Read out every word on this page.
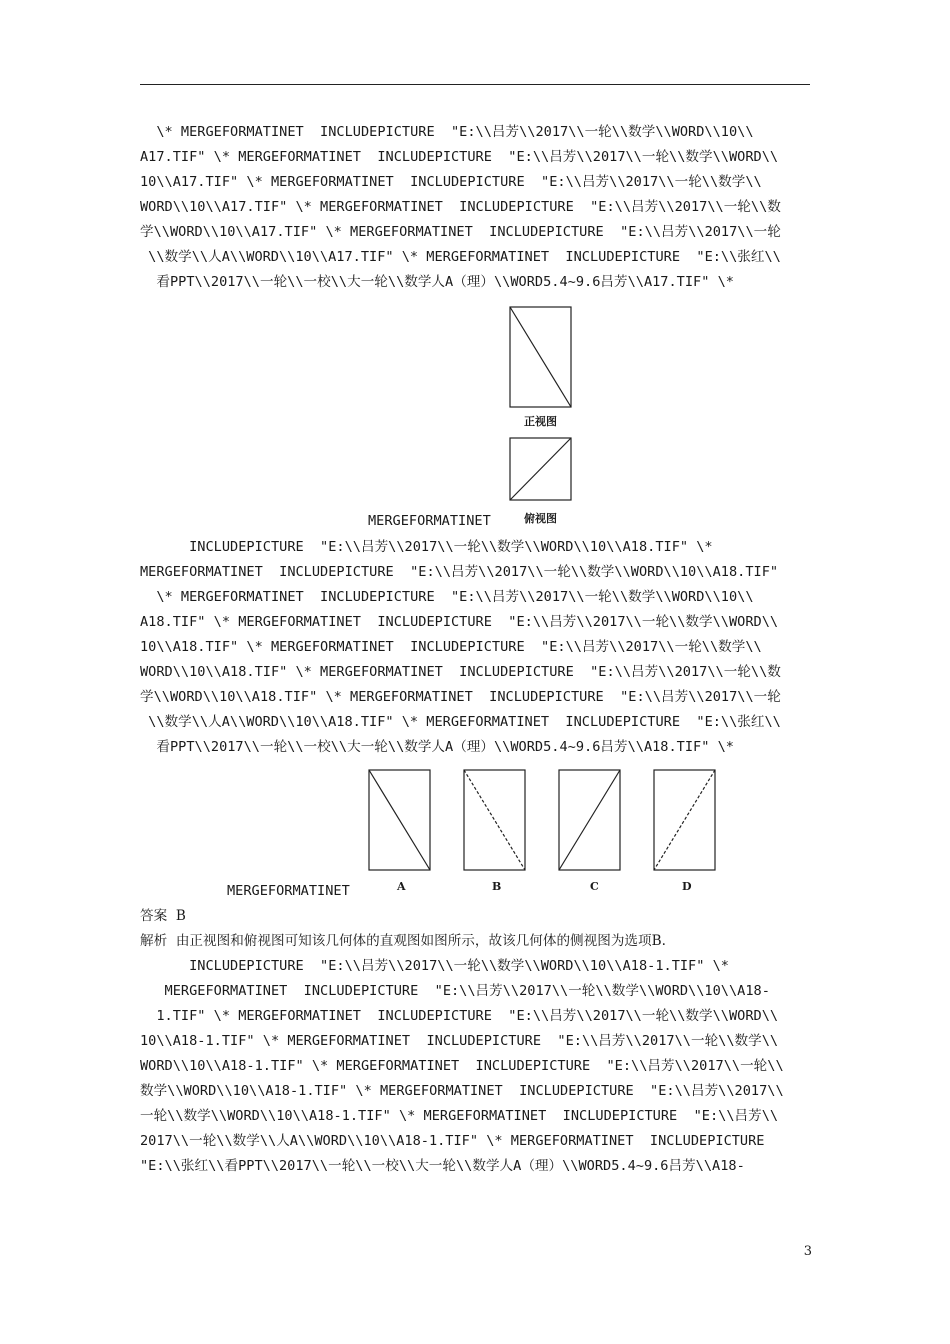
\* MERGEFORMATINET  INCLUDEPICTURE  "E:\\吕芳\\2017\\一轮\\数学\\WORD\\10\\
A17.TIF" \* MERGEFORMATINET  INCLUDEPICTURE  "E:\\吕芳\\2017\\一轮\\数学\\WORD\\
10\\A17.TIF" \* MERGEFORMATINET  INCLUDEPICTURE  "E:\\吕芳\\2017\\一轮\\数学\\
WORD\\10\\A17.TIF" \* MERGEFORMATINET  INCLUDEPICTURE  "E:\\吕芳\\2017\\一轮\\数
学\\WORD\\10\\A17.TIF" \* MERGEFORMATINET  INCLUDEPICTURE  "E:\\吕芳\\2017\\一轮
\\数学\\人A\\WORD\\10\\A17.TIF" \* MERGEFORMATINET  INCLUDEPICTURE  "E:\\张红\\
看PPT\\2017\\一轮\\一校\\大一轮\\数学人A（理）\\WORD5.4~9.6吕芳\\A17.TIF" \*
正视图
俯视图
MERGEFORMATINET
INCLUDEPICTURE  "E:\\吕芳\\2017\\一轮\\数学\\WORD\\10\\A18.TIF" \*
MERGEFORMATINET  INCLUDEPICTURE  "E:\\吕芳\\2017\\一轮\\数学\\WORD\\10\\A18.TIF"
\* MERGEFORMATINET  INCLUDEPICTURE  "E:\\吕芳\\2017\\一轮\\数学\\WORD\\10\\
A18.TIF" \* MERGEFORMATINET  INCLUDEPICTURE  "E:\\吕芳\\2017\\一轮\\数学\\WORD\\
10\\A18.TIF" \* MERGEFORMATINET  INCLUDEPICTURE  "E:\\吕芳\\2017\\一轮\\数学\\
WORD\\10\\A18.TIF" \* MERGEFORMATINET  INCLUDEPICTURE  "E:\\吕芳\\2017\\一轮\\数
学\\WORD\\10\\A18.TIF" \* MERGEFORMATINET  INCLUDEPICTURE  "E:\\吕芳\\2017\\一轮
\\数学\\人A\\WORD\\10\\A18.TIF" \* MERGEFORMATINET  INCLUDEPICTURE  "E:\\张红\\
看PPT\\2017\\一轮\\一校\\大一轮\\数学人A（理）\\WORD5.4~9.6吕芳\\A18.TIF" \*
A	B	C	D
MERGEFORMATINET
答案  B
解析  由正视图和俯视图可知该几何体的直观图如图所示，故该几何体的侧视图为选项B.
INCLUDEPICTURE  "E:\\吕芳\\2017\\一轮\\数学\\WORD\\10\\A18-1.TIF" \*
MERGEFORMATINET  INCLUDEPICTURE  "E:\\吕芳\\2017\\一轮\\数学\\WORD\\10\\A18-
1.TIF" \* MERGEFORMATINET  INCLUDEPICTURE  "E:\\吕芳\\2017\\一轮\\数学\\WORD\\
10\\A18-1.TIF" \* MERGEFORMATINET  INCLUDEPICTURE  "E:\\吕芳\\2017\\一轮\\数学\\
WORD\\10\\A18-1.TIF" \* MERGEFORMATINET  INCLUDEPICTURE  "E:\\吕芳\\2017\\一轮\\
数学\\WORD\\10\\A18-1.TIF" \* MERGEFORMATINET  INCLUDEPICTURE  "E:\\吕芳\\2017\\
一轮\\数学\\WORD\\10\\A18-1.TIF" \* MERGEFORMATINET  INCLUDEPICTURE  "E:\\吕芳\\
2017\\一轮\\数学\\人A\\WORD\\10\\A18-1.TIF" \* MERGEFORMATINET  INCLUDEPICTURE
"E:\\张红\\看PPT\\2017\\一轮\\一校\\大一轮\\数学人A（理）\\WORD5.4~9.6吕芳\\A18-
3
